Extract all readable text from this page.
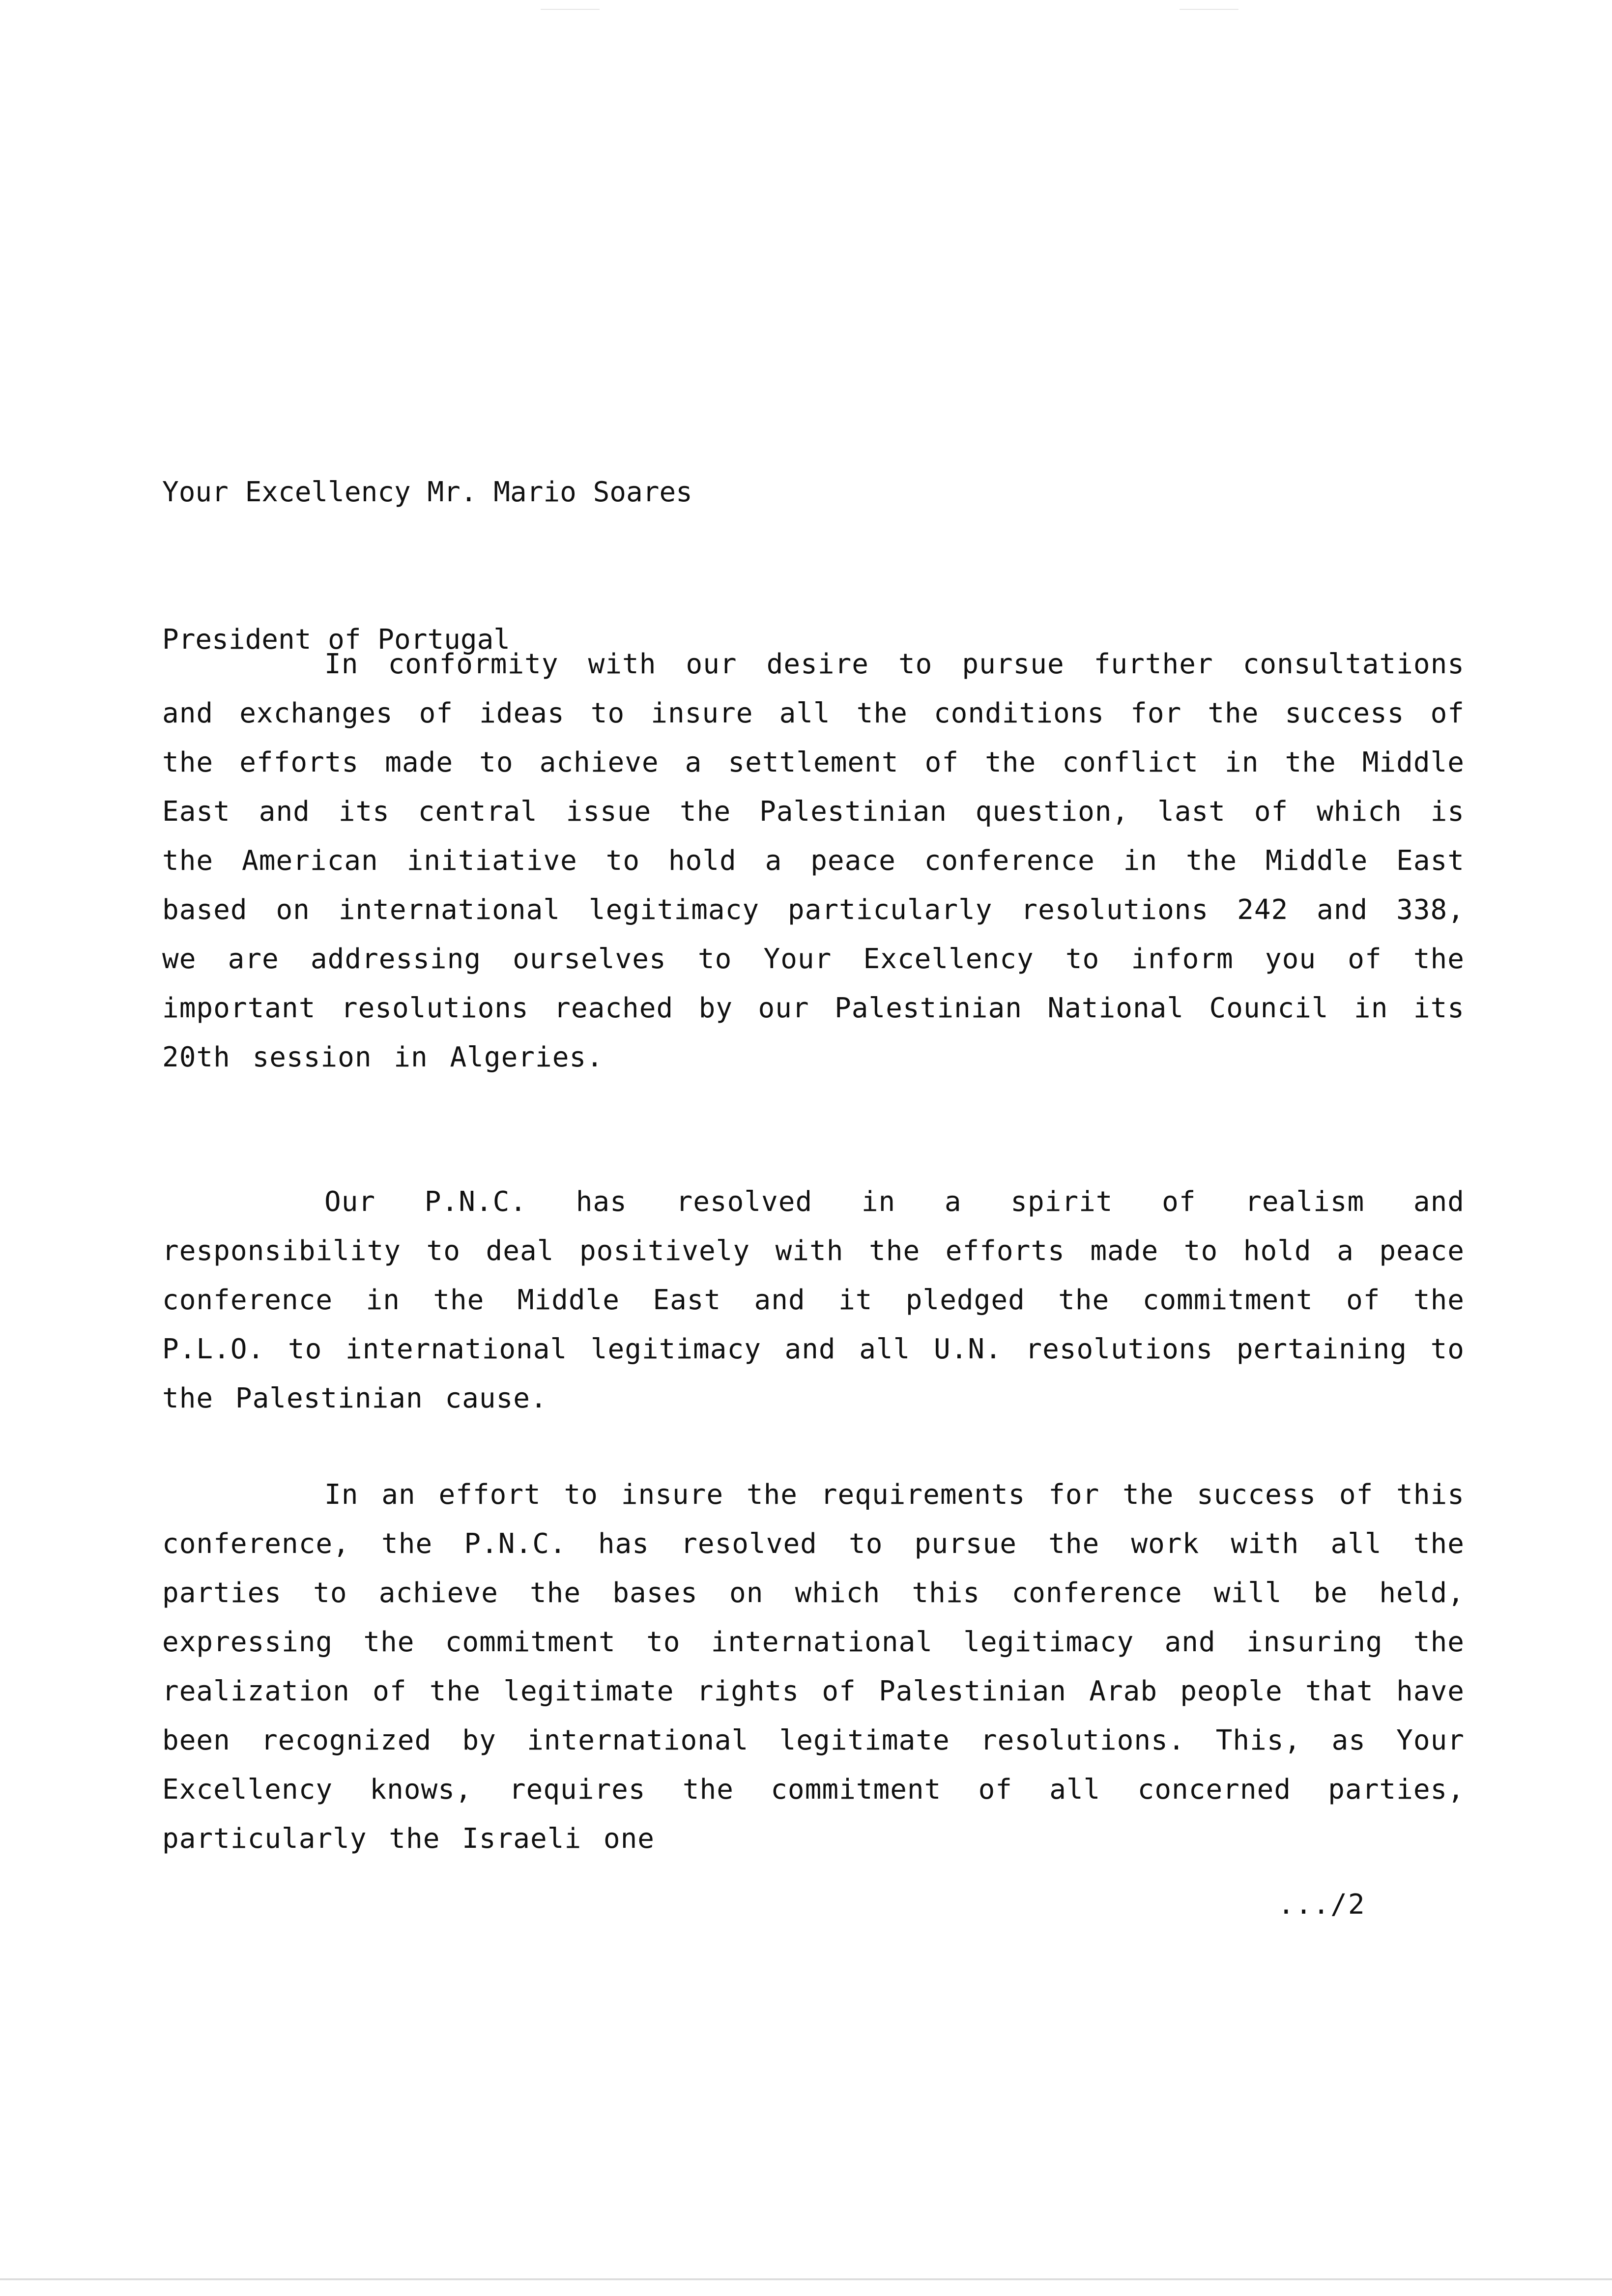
Your Excellency Mr. Mario Soares

President of Portugal

In conformity with our desire to pursue further consultations and exchanges of ideas to insure all the conditions for the success of the efforts made to achieve a settlement of the conflict in the Middle East and its central issue the Palestinian question, last of which is the American initiative to hold a peace conference in the Middle East based on international legitimacy particularly resolutions 242 and 338, we are addressing ourselves to Your Excellency to inform you of the important resolutions reached by our Palestinian National Council in its 20th session in Algeries.

Our P.N.C. has resolved in a spirit of realism and responsibility to deal positively with the efforts made to hold a peace conference in the Middle East and it pledged the commitment of the P.L.O. to international legitimacy and all U.N. resolutions pertaining to the Palestinian cause.

In an effort to insure the requirements for the success of this conference, the P.N.C. has resolved to pursue the work with all the parties to achieve the bases on which this conference will be held, expressing the commitment to international legitimacy and insuring the realization of the legitimate rights of Palestinian Arab people that have been recognized by international legitimate resolutions. This, as Your Excellency knows, requires the commitment of all concerned parties, particularly the Israeli one

.../2
